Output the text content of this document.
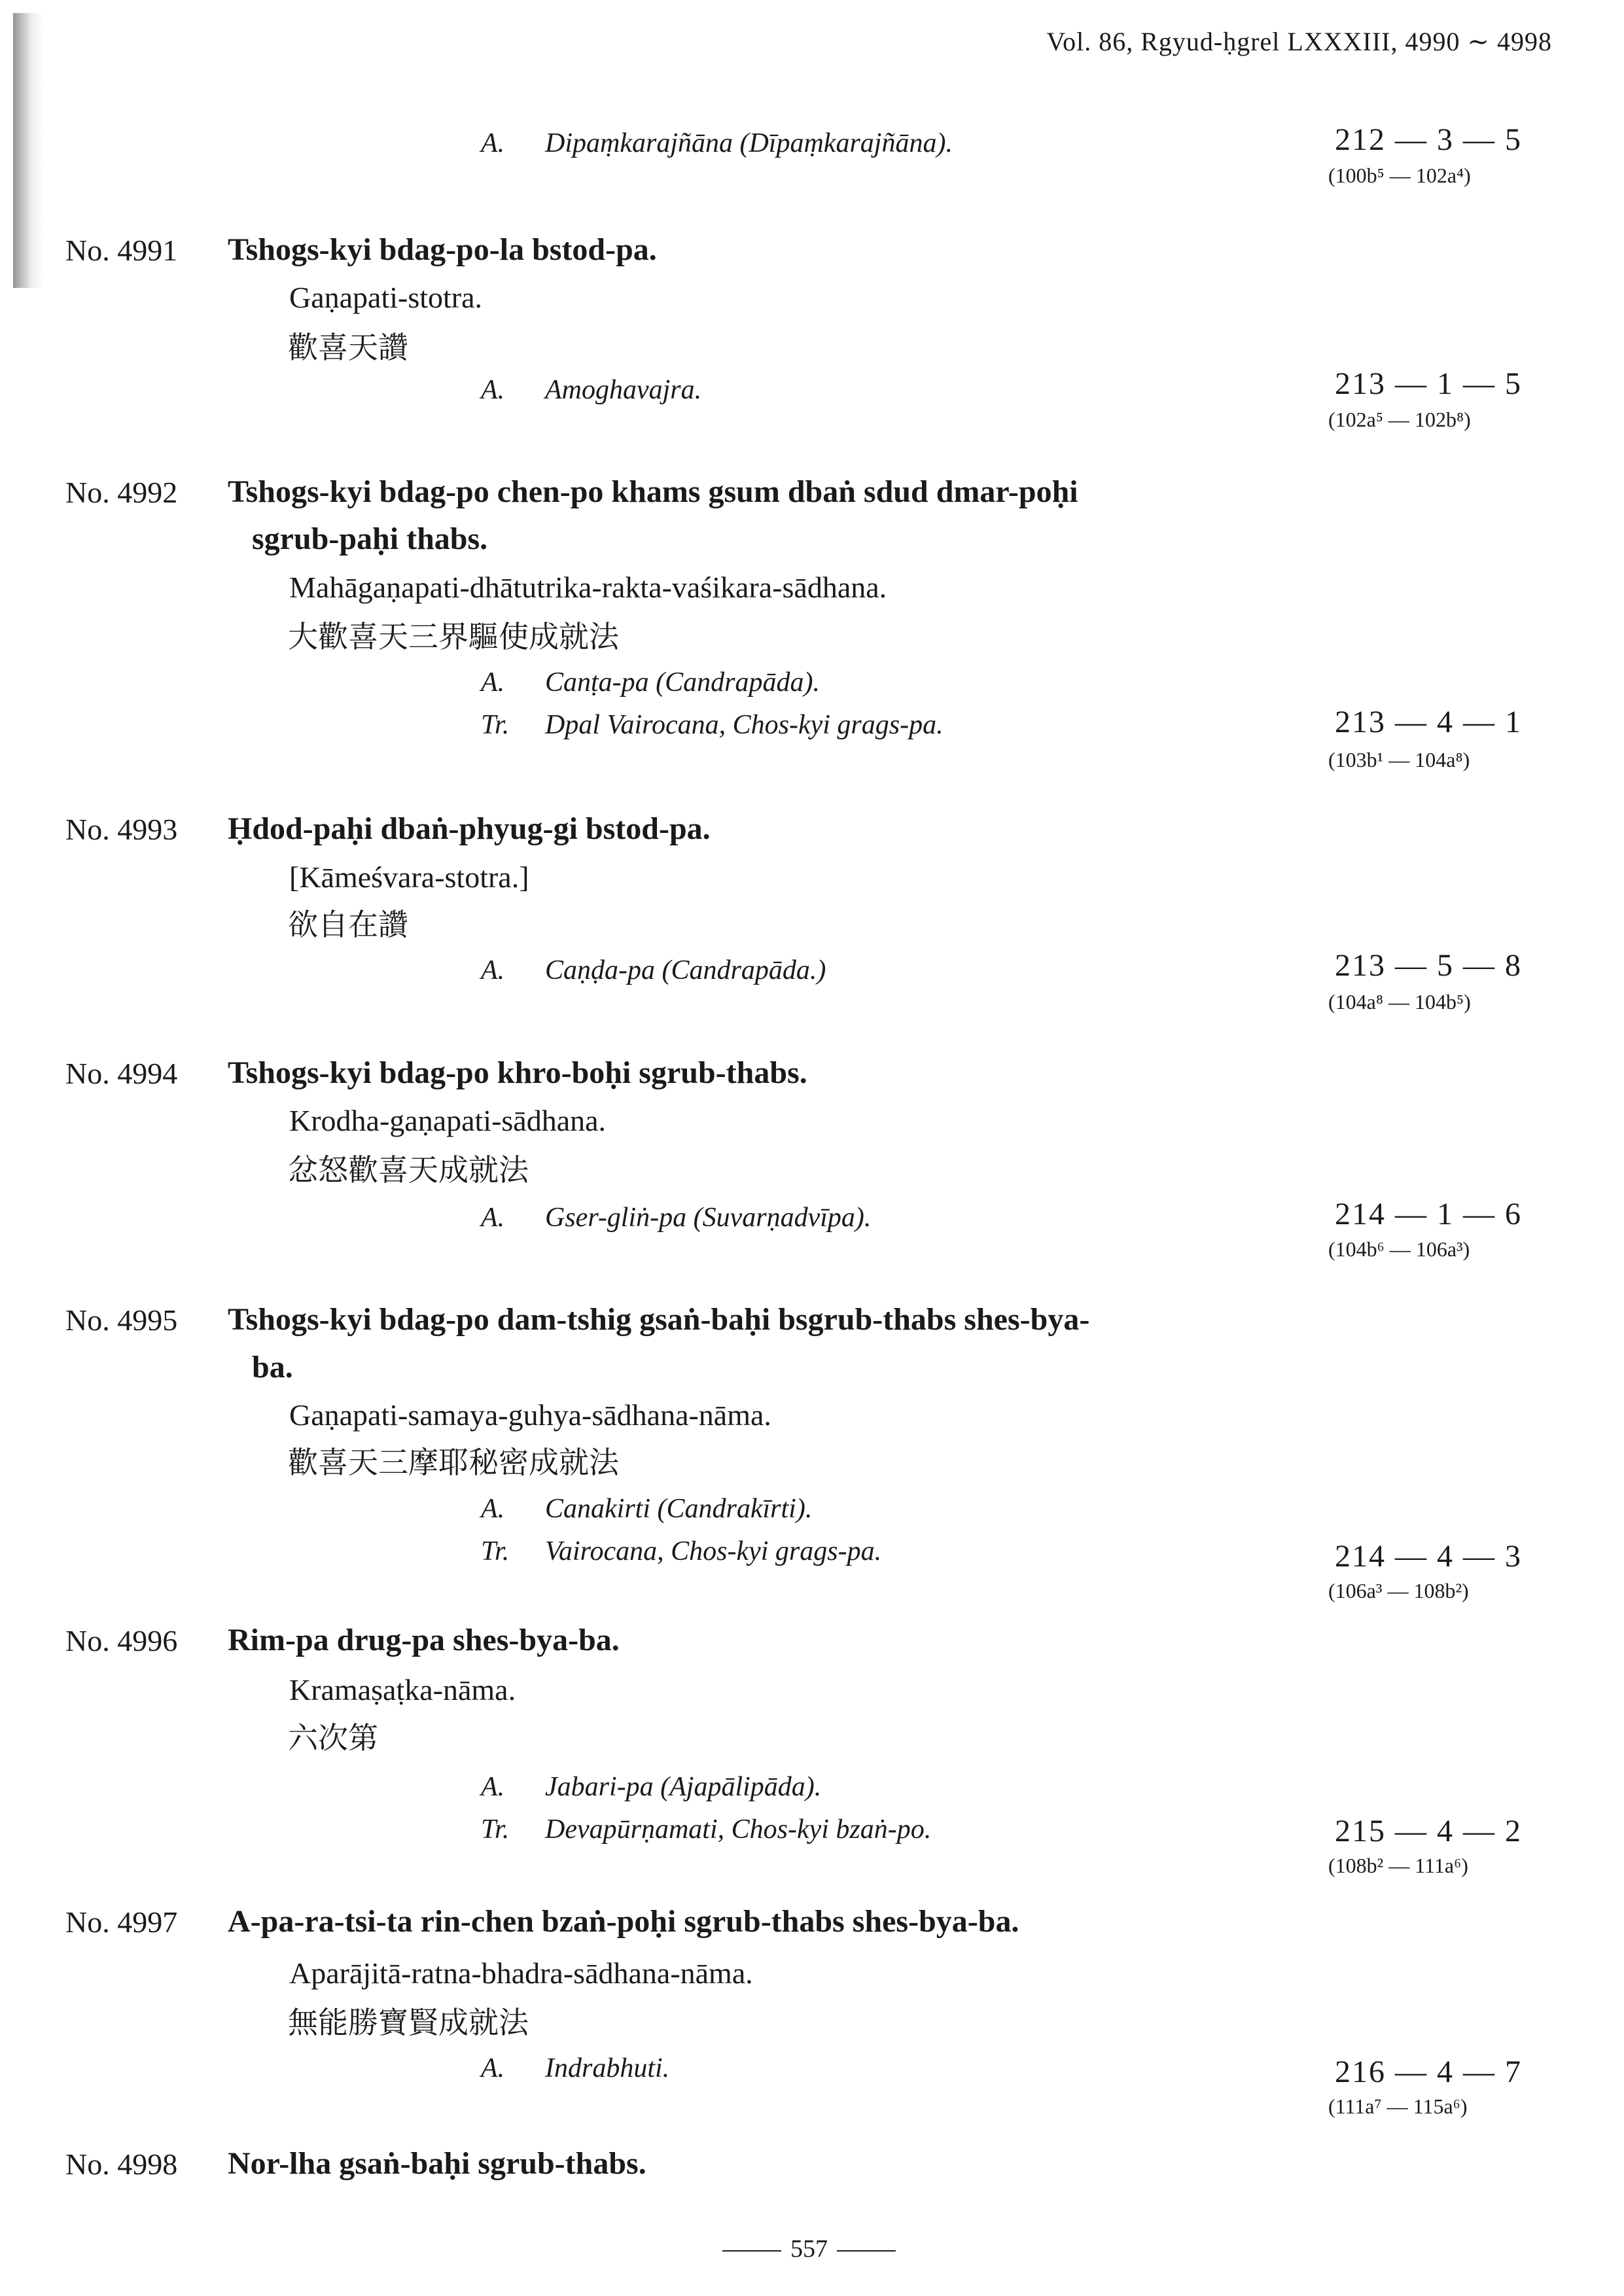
Vol. 86, Rgyud-ḥgrel LXXXIII, 4990 ∼ 4998
A. Dipaṃkarajñāna (Dīpaṃkarajñāna).	212 — 3 — 5
(100b⁵ — 102a⁴)
No. 4991 Tshogs-kyi bdag-po-la bstod-pa.
Gaṇapati-stotra.
歡喜天讚
A. Amoghavajra.	213 — 1 — 5
(102a⁵ — 102b⁸)
No. 4992 Tshogs-kyi bdag-po chen-po khams gsum dbaṅ sdud dmar-poḥi
sgrub-paḥi thabs.
Mahāgaṇapati-dhātutrika-rakta-vaśikara-sādhana.
大歡喜天三界驅使成就法
A. Canṭa-pa (Candrapāda).
Tr. Dpal Vairocana, Chos-kyi grags-pa.	213 — 4 — 1
(103b¹ — 104a⁸)
No. 4993 Ḥdod-paḥi dbaṅ-phyug-gi bstod-pa.
[Kāmeśvara-stotra.]
欲自在讚
A. Caṇḍa-pa (Candrapāda.)	213 — 5 — 8
(104a⁸ — 104b⁵)
No. 4994 Tshogs-kyi bdag-po khro-boḥi sgrub-thabs.
Krodha-gaṇapati-sādhana.
忿怒歡喜天成就法
A. Gser-gliṅ-pa (Suvarṇadvīpa).	214 — 1 — 6
(104b⁶ — 106a³)
No. 4995 Tshogs-kyi bdag-po dam-tshig gsaṅ-baḥi bsgrub-thabs shes-bya-
ba.
Gaṇapati-samaya-guhya-sādhana-nāma.
歡喜天三摩耶秘密成就法
A. Canakirti (Candrakīrti).
Tr. Vairocana, Chos-kyi grags-pa.	214 — 4 — 3
(106a³ — 108b²)
No. 4996 Rim-pa drug-pa shes-bya-ba.
Kramaṣaṭka-nāma.
六次第
A. Jabari-pa (Ajapālipāda).
Tr. Devapūrṇamati, Chos-kyi bzaṅ-po.	215 — 4 — 2
(108b² — 111a⁶)
No. 4997 A-pa-ra-tsi-ta rin-chen bzaṅ-poḥi sgrub-thabs shes-bya-ba.
Aparājitā-ratna-bhadra-sādhana-nāma.
無能勝寶賢成就法
A. Indrabhuti.	216 — 4 — 7
(111a⁷ — 115a⁶)
No. 4998 Nor-lha gsaṅ-baḥi sgrub-thabs.
557
